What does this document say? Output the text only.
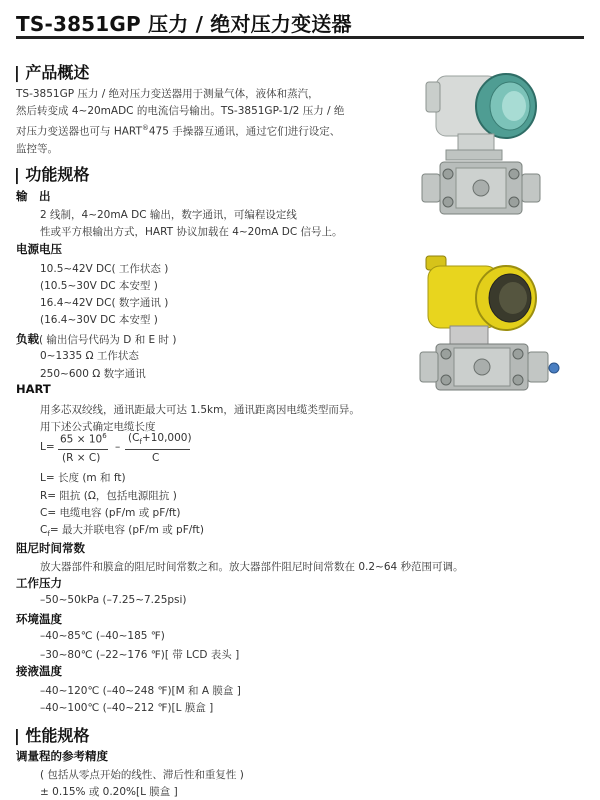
TS-3851GP 压力 / 绝对压力变送器
| 产品概述
TS-3851GP 压力 / 绝对压力变送器用于测量气体，液体和蒸汽，
然后转变成 4~20mADC 的电流信号输出。TS-3851GP-1/2 压力 / 绝
对压力变送器也可与 HART®475 手操器互通讯，通过它们进行设定、
监控等。
| 功能规格
输　出
2 线制，4~20mA DC 输出，数字通讯，可编程设定线
性或平方根输出方式，HART 协议加载在 4~20mA DC 信号上。
电源电压
10.5~42V DC( 工作状态 )
(10.5~30V DC 本安型 )
16.4~42V DC( 数字通讯 )
(16.4~30V DC 本安型 )
负载( 输出信号代码为 D 和 E 时 )
0~1335 Ω 工作状态
250~600 Ω 数字通讯
HART
用多芯双绞线，通讯距最大可达 1.5km，通讯距离因电缆类型而异。
用下述公式确定电缆长度
L=
$65 \times 10^6$
(R × C)
–
$(C_f+10,000)$
C
L= 长度 (m 和 ft)
R= 阻抗 (Ω，包括电源阻抗 )
C= 电缆电容 (pF/m 或 pF/ft)
$C_f=$ 最大并联电容 (pF/m 或 pF/ft)
阻尼时间常数
放大器部件和膜盒的阻尼时间常数之和。放大器部件阻尼时间常数在 0.2~64 秒范围可调。
工作压力
–50~50kPa (–7.25~7.25psi)
环境温度
–40~85℃ (–40~185 ℉)
–30~80℃ (–22~176 ℉)[ 带 LCD 表头 ]
接液温度
–40~120℃ (–40~248 ℉)[M 和 A 膜盒 ]
–40~100℃ (–40~212 ℉)[L 膜盒 ]
| 性能规格
调量程的参考精度
( 包括从零点开始的线性、滞后性和重复性 )
± 0.15% 或 0.20%[L 膜盒 ]
